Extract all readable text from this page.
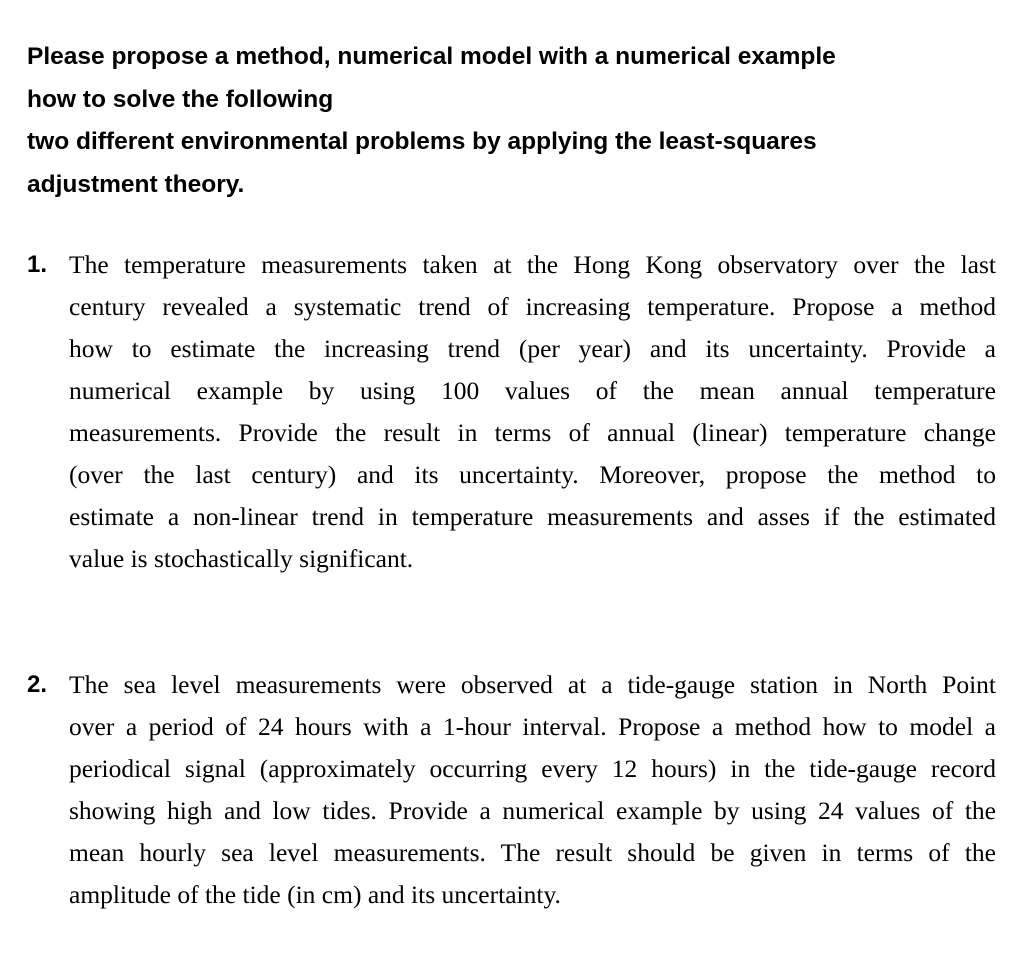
Please propose a method, numerical model with a numerical example
how to solve the following
two different environmental problems by applying the least-squares
adjustment theory.
1. The temperature measurements taken at the Hong Kong observatory over the last
century revealed a systematic trend of increasing temperature. Propose a method
how to estimate the increasing trend (per year) and its uncertainty. Provide a
numerical example by using 100 values of the mean annual temperature
measurements. Provide the result in terms of annual (linear) temperature change
(over the last century) and its uncertainty. Moreover, propose the method to
estimate a non-linear trend in temperature measurements and asses if the estimated
value is stochastically significant.
2. The sea level measurements were observed at a tide-gauge station in North Point
over a period of 24 hours with a 1-hour interval. Propose a method how to model a
periodical signal (approximately occurring every 12 hours) in the tide-gauge record
showing high and low tides. Provide a numerical example by using 24 values of the
mean hourly sea level measurements. The result should be given in terms of the
amplitude of the tide (in cm) and its uncertainty.
